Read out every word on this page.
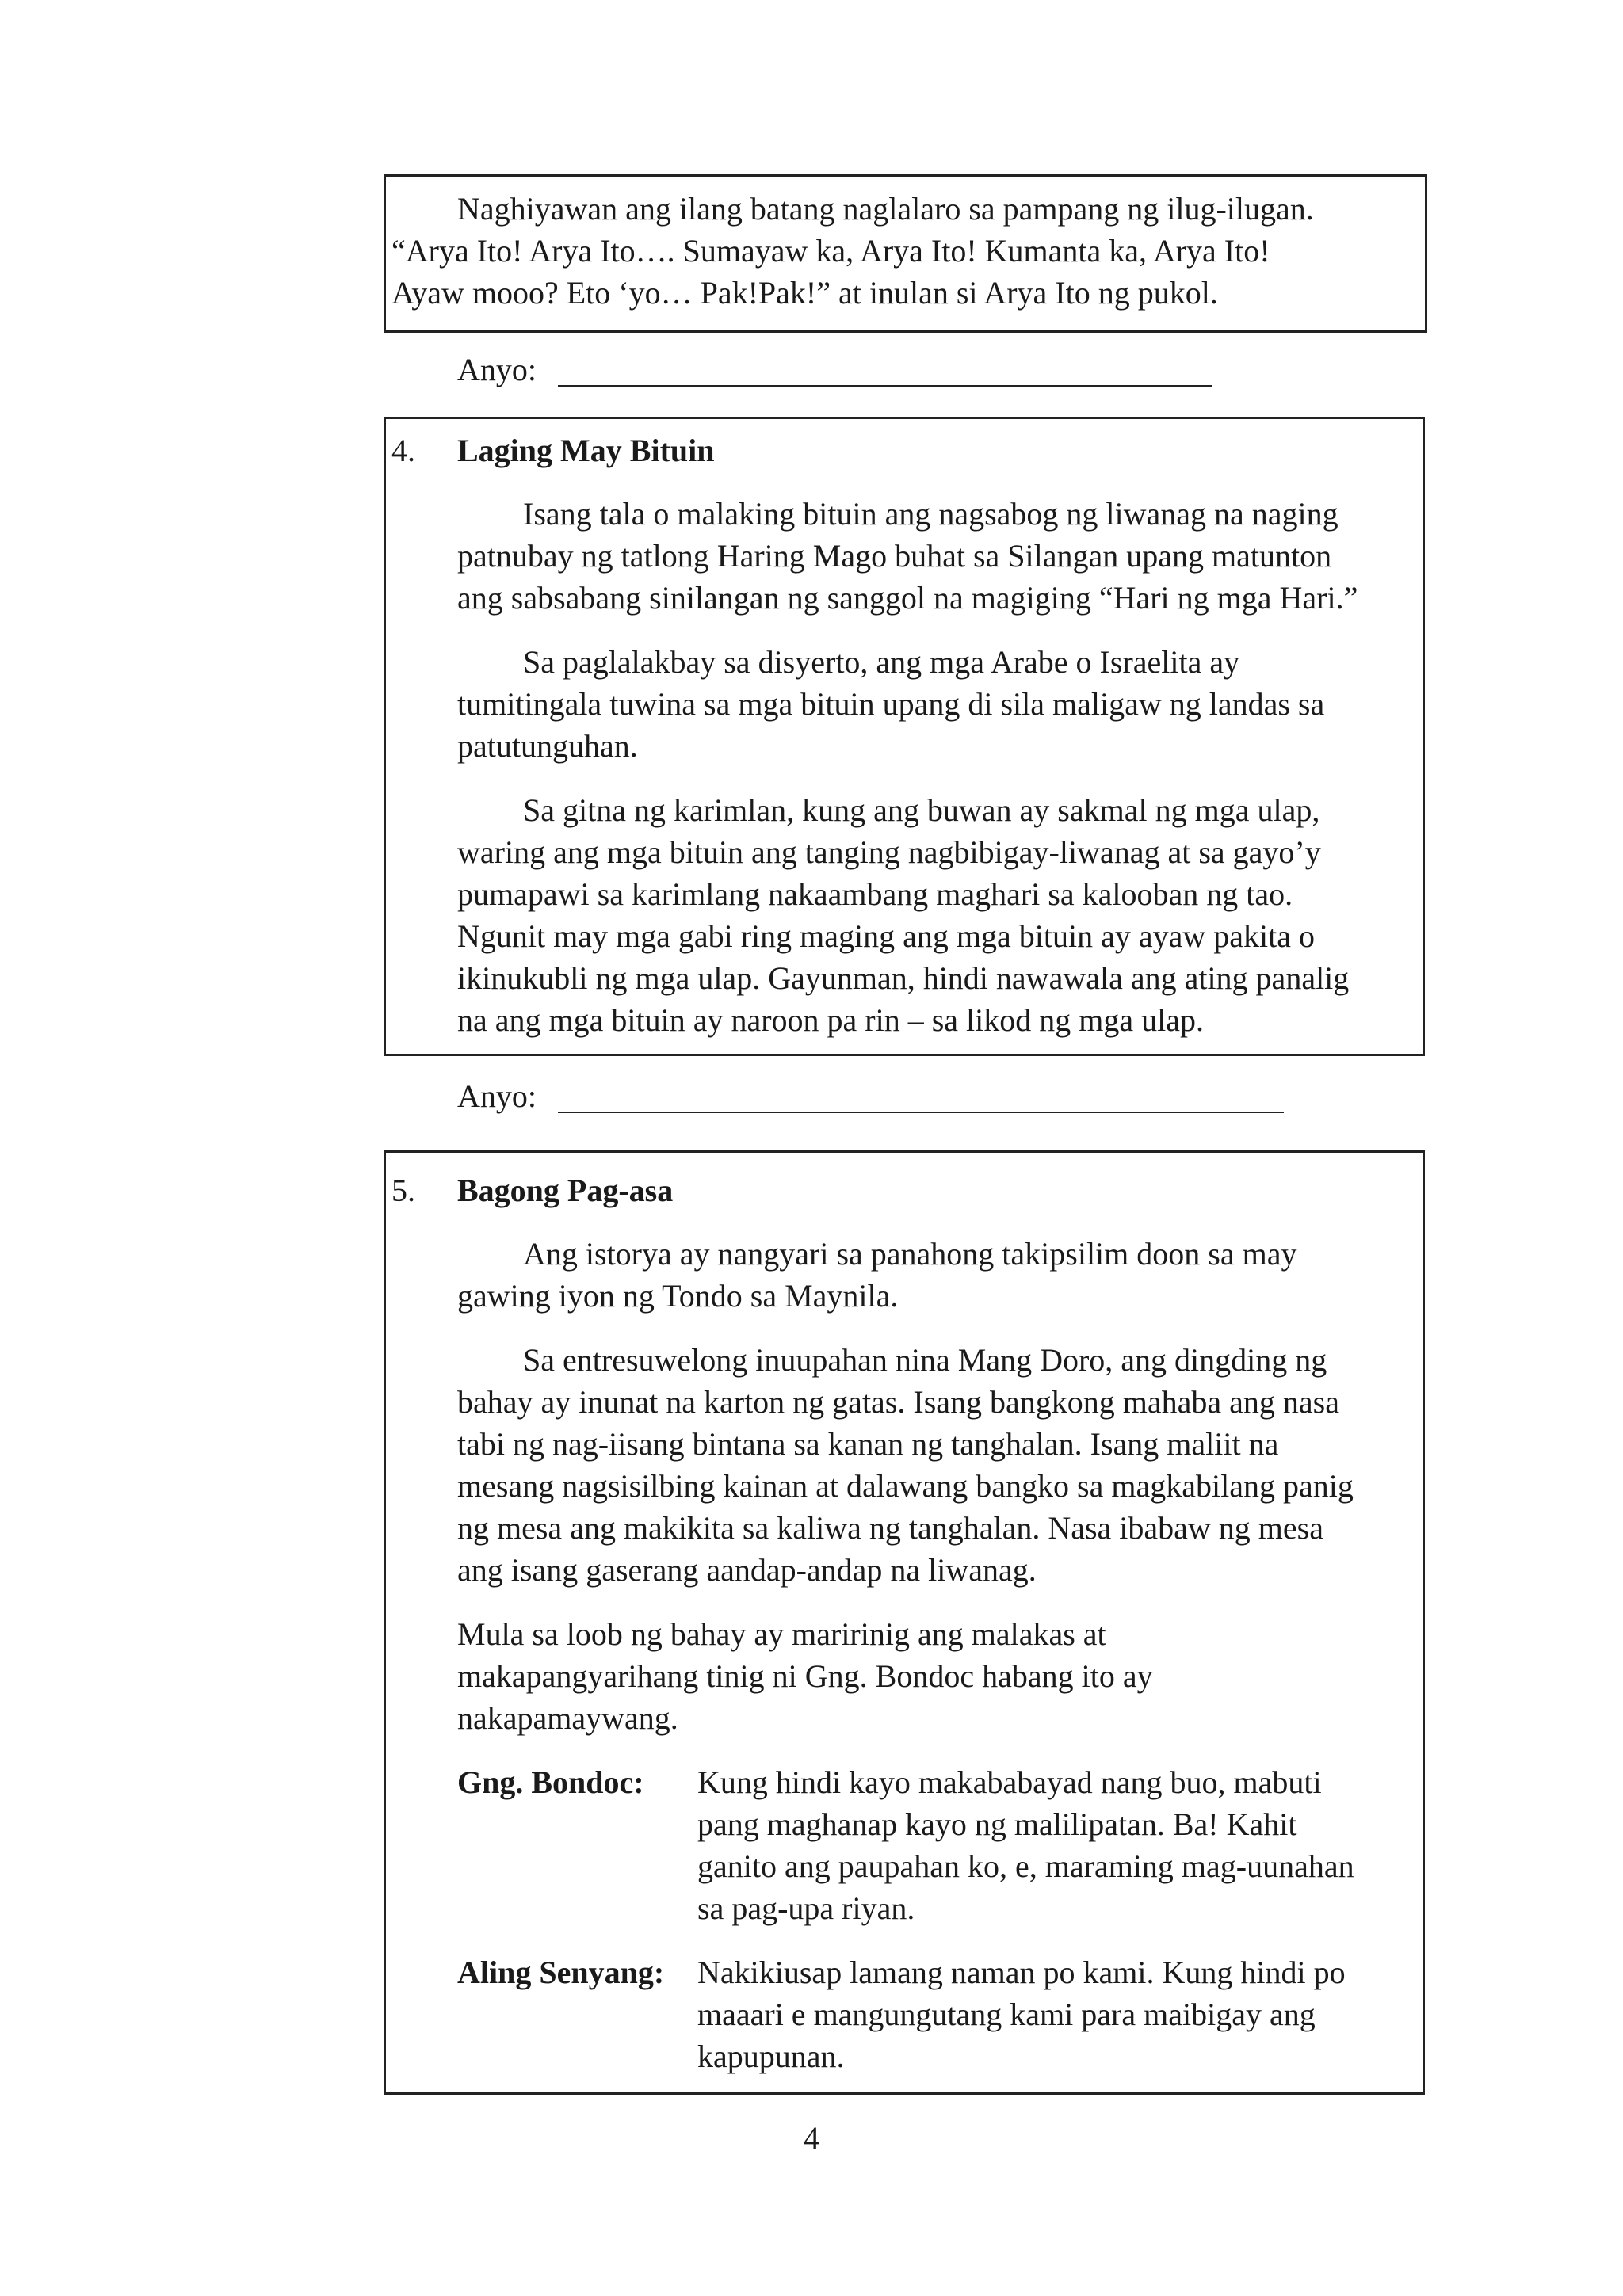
Naghiyawan ang ilang batang naglalaro sa pampang ng ilug-ilugan.

“Arya Ito! Arya Ito…. Sumayaw ka, Arya Ito! Kumanta ka, Arya Ito!

Ayaw mooo? Eto ‘yo… Pak!Pak!” at inulan si Arya Ito ng pukol.

Anyo:

4. Laging May Bituin

Isang tala o malaking bituin ang nagsabog ng liwanag na naging

patnubay ng tatlong Haring Mago buhat sa Silangan upang matunton

ang sabsabang sinilangan ng sanggol na magiging “Hari ng mga Hari.”

Sa paglalakbay sa disyerto, ang mga Arabe o Israelita ay

tumitingala tuwina sa mga bituin upang di sila maligaw ng landas sa

patutunguhan.

Sa gitna ng karimlan, kung ang buwan ay sakmal ng mga ulap,

waring ang mga bituin ang tanging nagbibigay-liwanag at sa gayo’y

pumapawi sa karimlang nakaambang maghari sa kalooban ng tao.

Ngunit may mga gabi ring maging ang mga bituin ay ayaw pakita o

ikinukubli ng mga ulap. Gayunman, hindi nawawala ang ating panalig

na ang mga bituin ay naroon pa rin – sa likod ng mga ulap.

Anyo:

5. Bagong Pag-asa

Ang istorya ay nangyari sa panahong takipsilim doon sa may

gawing iyon ng Tondo sa Maynila.

Sa entresuwelong inuupahan nina Mang Doro, ang dingding ng

bahay ay inunat na karton ng gatas. Isang bangkong mahaba ang nasa

tabi ng nag-iisang bintana sa kanan ng tanghalan. Isang maliit na

mesang nagsisilbing kainan at dalawang bangko sa magkabilang panig

ng mesa ang makikita sa kaliwa ng tanghalan. Nasa ibabaw ng mesa

ang isang gaserang aandap-andap na liwanag.

Mula sa loob ng bahay ay maririnig ang malakas at

makapangyarihang tinig ni Gng. Bondoc habang ito ay

nakapamaywang.

Gng. Bondoc: Kung hindi kayo makababayad nang buo, mabuti

pang maghanap kayo ng malilipatan. Ba! Kahit

ganito ang paupahan ko, e, maraming mag-uunahan

sa pag-upa riyan.

Aling Senyang: Nakikiusap lamang naman po kami. Kung hindi po

maaari e mangungutang kami para maibigay ang

kapupunan.

4
